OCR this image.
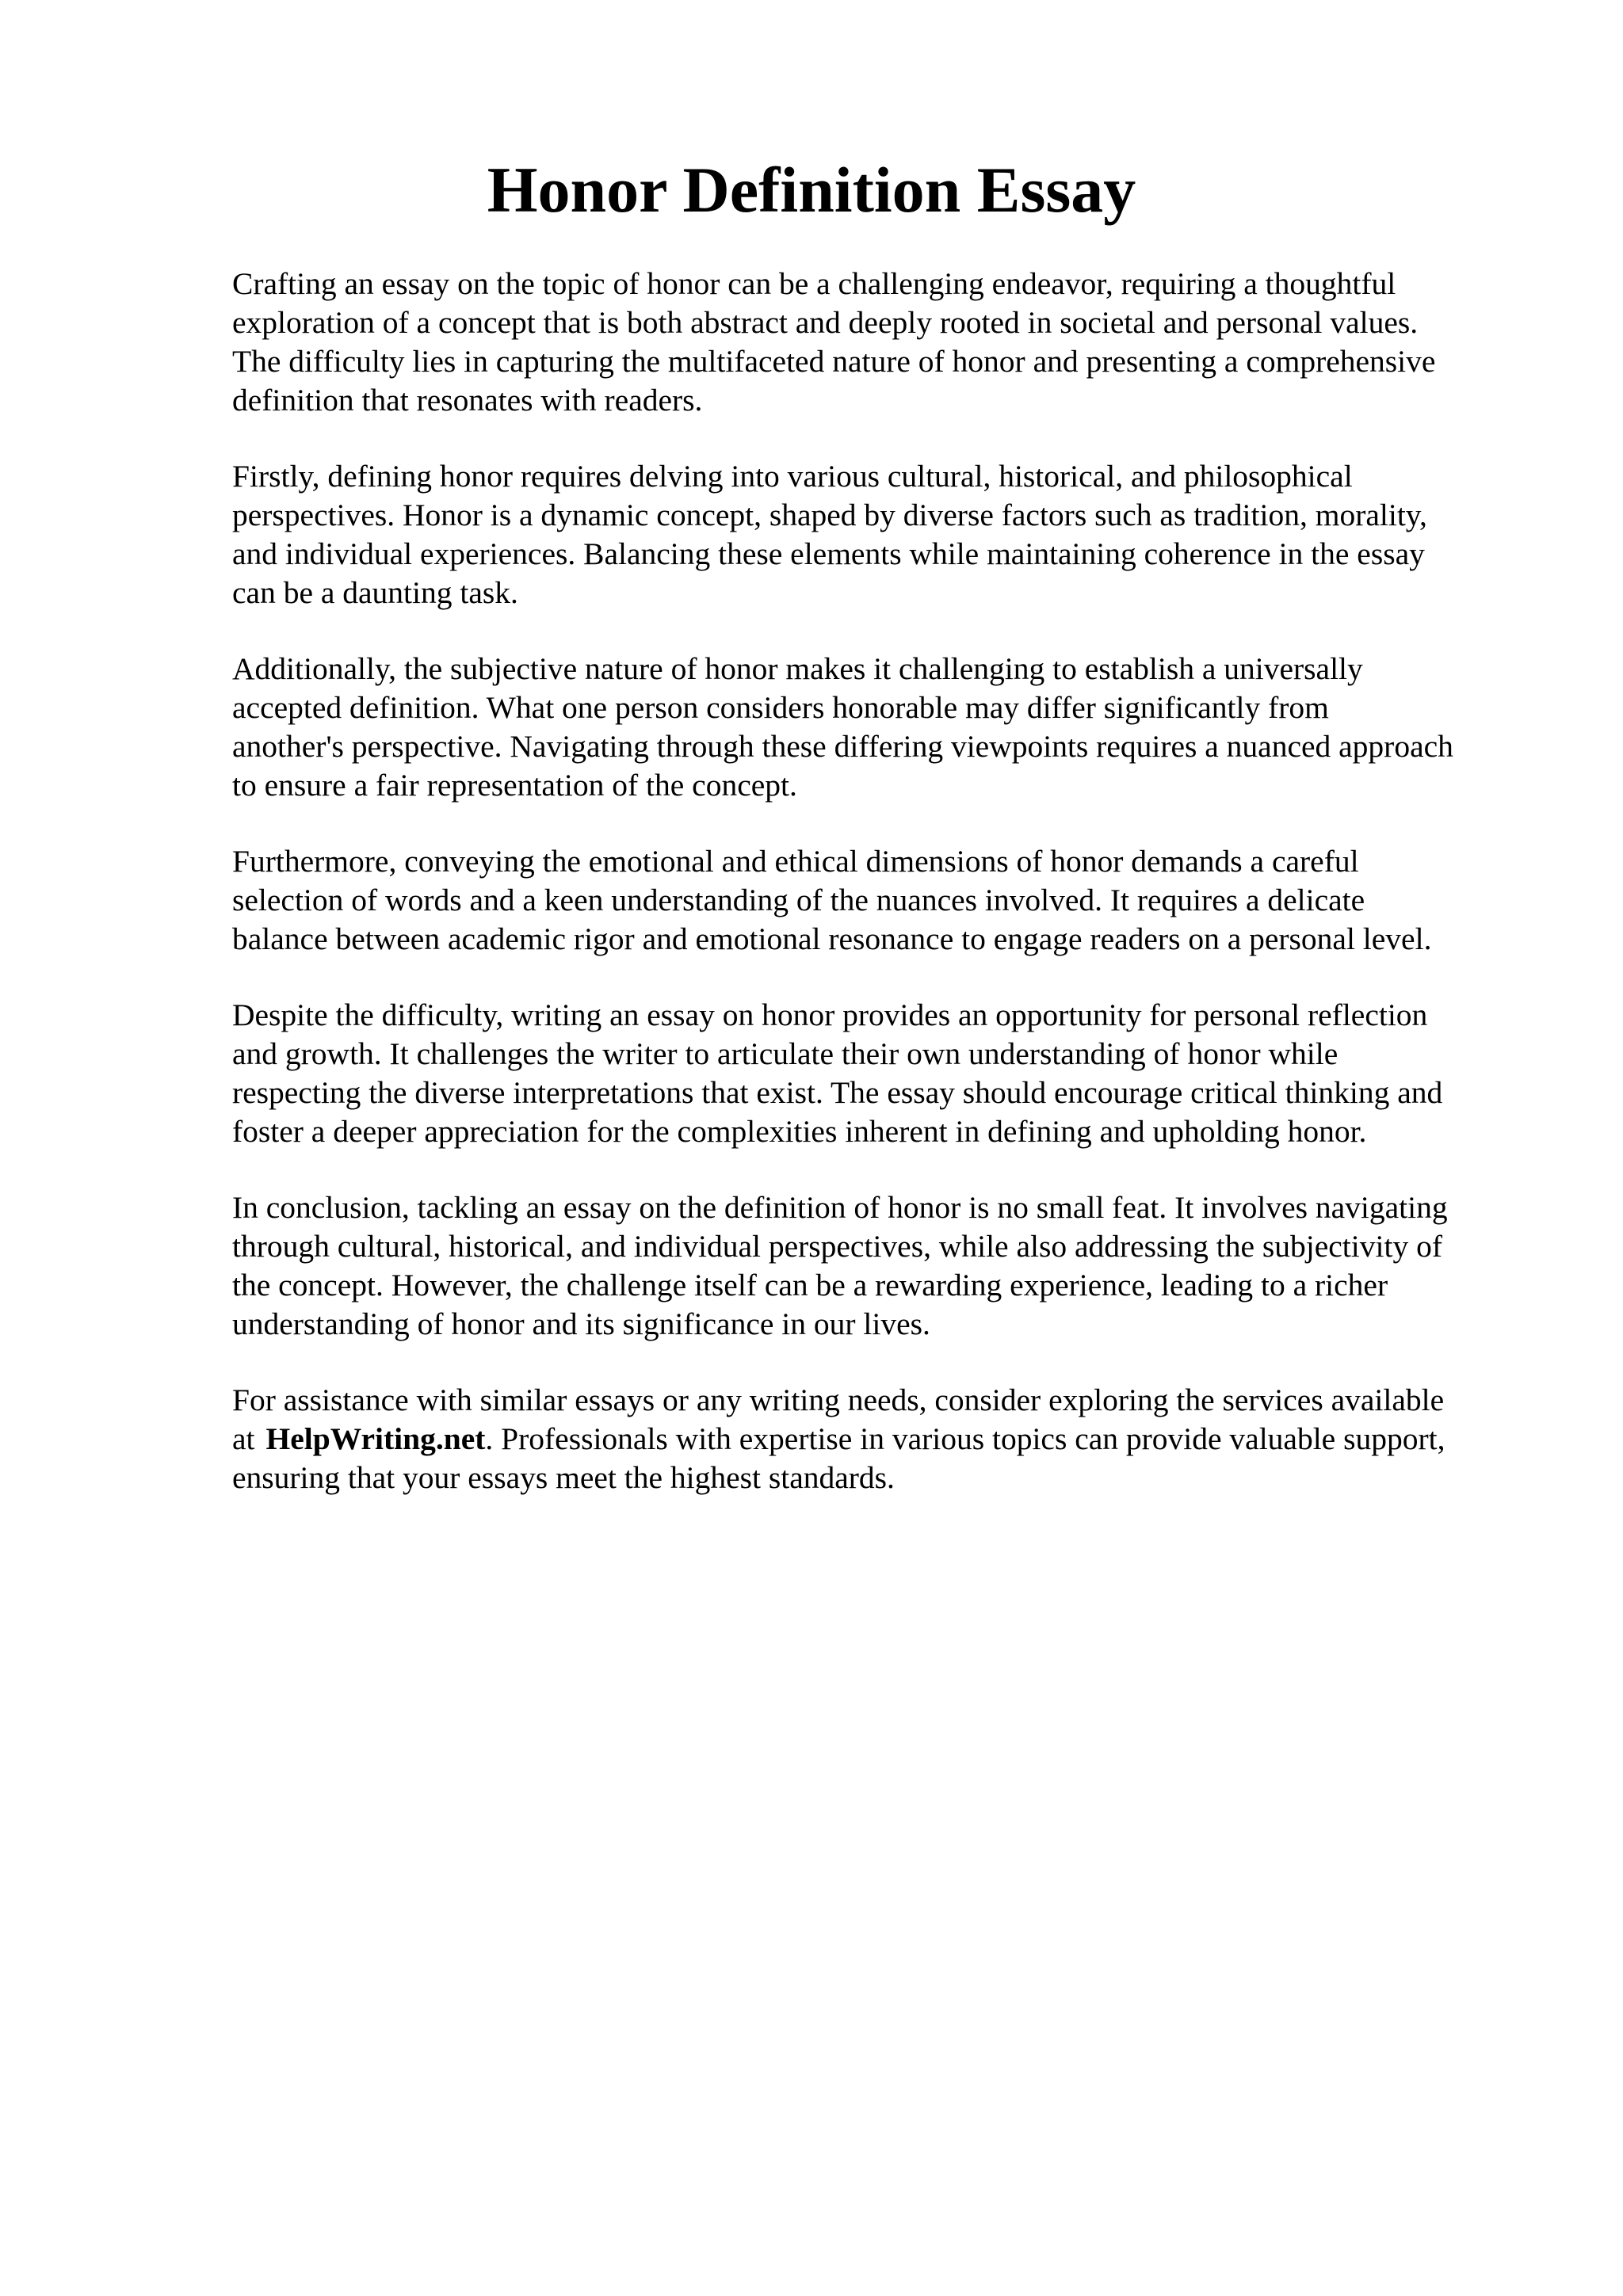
Honor Definition Essay

Crafting an essay on the topic of honor can be a challenging endeavor, requiring a thoughtful
exploration of a concept that is both abstract and deeply rooted in societal and personal values.
The difficulty lies in capturing the multifaceted nature of honor and presenting a comprehensive
definition that resonates with readers.

Firstly, defining honor requires delving into various cultural, historical, and philosophical
perspectives. Honor is a dynamic concept, shaped by diverse factors such as tradition, morality,
and individual experiences. Balancing these elements while maintaining coherence in the essay
can be a daunting task.

Additionally, the subjective nature of honor makes it challenging to establish a universally
accepted definition. What one person considers honorable may differ significantly from
another's perspective. Navigating through these differing viewpoints requires a nuanced approach
to ensure a fair representation of the concept.

Furthermore, conveying the emotional and ethical dimensions of honor demands a careful
selection of words and a keen understanding of the nuances involved. It requires a delicate
balance between academic rigor and emotional resonance to engage readers on a personal level.

Despite the difficulty, writing an essay on honor provides an opportunity for personal reflection
and growth. It challenges the writer to articulate their own understanding of honor while
respecting the diverse interpretations that exist. The essay should encourage critical thinking and
foster a deeper appreciation for the complexities inherent in defining and upholding honor.

In conclusion, tackling an essay on the definition of honor is no small feat. It involves navigating
through cultural, historical, and individual perspectives, while also addressing the subjectivity of
the concept. However, the challenge itself can be a rewarding experience, leading to a richer
understanding of honor and its significance in our lives.

For assistance with similar essays or any writing needs, consider exploring the services available
at HelpWriting.net. Professionals with expertise in various topics can provide valuable support,
ensuring that your essays meet the highest standards.
